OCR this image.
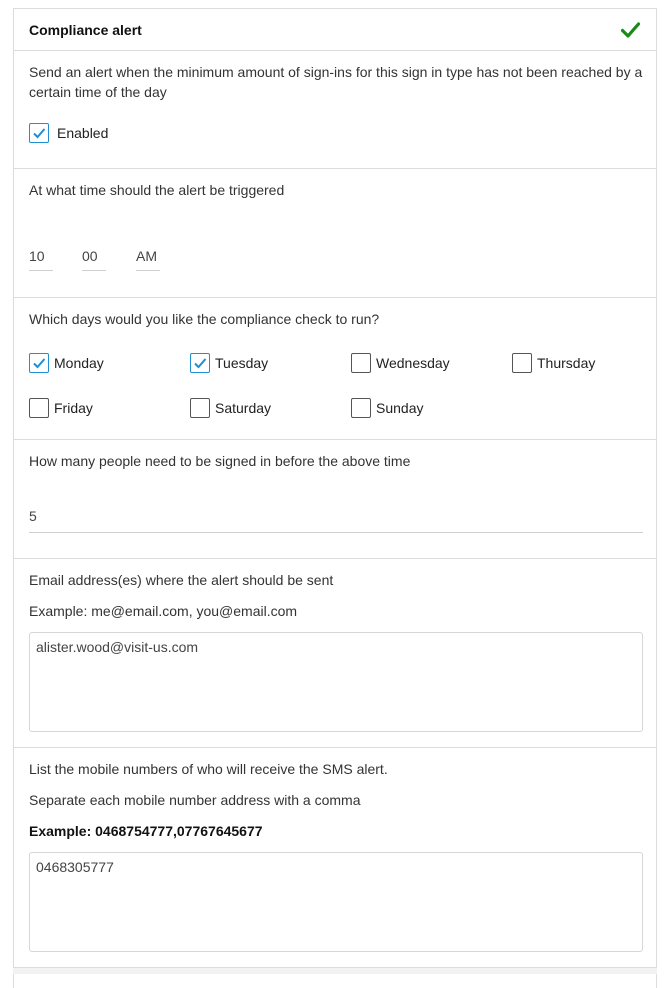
Compliance alert
Send an alert when the minimum amount of sign-ins for this sign in type has not been reached by a certain time of the day
Enabled
At what time should the alert be triggered
10	00	AM
Which days would you like the compliance check to run?
Monday	Tuesday	Wednesday	Thursday
Friday	Saturday	Sunday
How many people need to be signed in before the above time
5
Email address(es) where the alert should be sent
Example: me@email.com, you@email.com
alister.wood@visit-us.com
List the mobile numbers of who will receive the SMS alert.
Separate each mobile number address with a comma
Example: 0468754777,07767645677
0468305777
